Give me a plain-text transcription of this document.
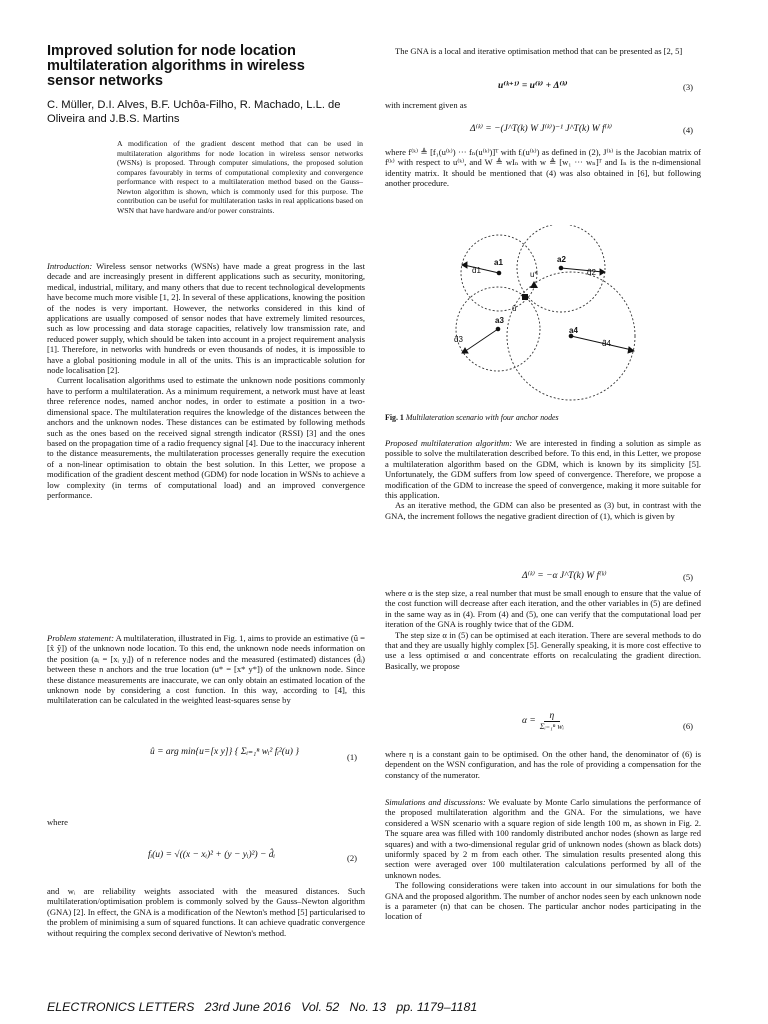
Improved solution for node location multilateration algorithms in wireless sensor networks
C. Müller, D.I. Alves, B.F. Uchôa-Filho, R. Machado, L.L. de Oliveira and J.B.S. Martins
A modification of the gradient descent method that can be used in multilateration algorithms for node location in wireless sensor networks (WSNs) is proposed. Through computer simulations, the proposed solution compares favourably in terms of computational complexity and convergence performance with respect to a multilateration method based on the Gauss–Newton algorithm is shown, which is commonly used for this purpose. The contribution can be useful for multilateration tasks in real applications based on WSN that have hardware and/or power constraints.

Introduction: Wireless sensor networks (WSNs) have made a great progress in the last decade and are increasingly present in different applications such as security, monitoring, medical, industrial, military, and many others that due to recent technological developments have become much more visible [1, 2]. In several of these applications, knowing the position of the nodes is very important. However, the networks considered in this kind of applications are usually composed of sensor nodes that have extremely limited resources, such as low processing and data storage capacities, relatively low transmission rate, and reduced power supply, which should be taken into account in a project requirement analysis [1]. Therefore, in networks with hundreds or even thousands of nodes, it is impossible to have a global positioning module in all of the units. This is an impracticable solution for node localisation [2].

Current localisation algorithms used to estimate the unknown node positions commonly have to perform a multilateration. As a minimum requirement, a network must have at least three reference nodes, named anchor nodes, in order to estimate a position in a two-dimensional space. The multilateration requires the knowledge of the distances between the anchors and the unknown nodes. These distances can be estimated by following methods such as the ones based on the received signal strength indicator (RSSI) [3] and the ones based on the propagation time of a radio frequency signal [4]. Due to the inaccuracy inherent to the distance measurements, the multilateration processes generally require the execution of a non-linear optimisation to obtain the best solution. In this Letter, we propose a modification of the gradient descent method (GDM) for node location in WSNs to achieve a low complexity (in terms of computational load) and an improved convergence performance.

Problem statement: A multilateration, illustrated in Fig. 1, aims to provide an estimative (û = [x̂ ŷ]) of the unknown node location. To this end, the unknown node needs information on the position (aᵢ = [xᵢ yᵢ]) of n reference nodes and the measured (estimated) distances (d̂ᵢ) between these n anchors and the true location (u* = [x* y*]) of the unknown node. Since these distance measurements are inaccurate, we can only obtain an estimated location of the unknown node by considering a cost function. In this way, according to [4], this multilateration can be calculated in the weighted least-squares sense by

û = arg min{u=[x y]} { Σᵢ₌₁ⁿ wᵢ² fᵢ²(u) }	(1)

where

fᵢ(u) = √((x − xᵢ)² + (y − yᵢ)²) − d̂ᵢ	(2)

and wᵢ are reliability weights associated with the measured distances. Such multilateration/optimisation problem is commonly solved by the Gauss–Newton algorithm (GNA) [2]. In effect, the GNA is a modification of the Newton's method [5] particularised to the problem of minimising a sum of squared functions. It can achieve quadratic convergence without requiring the complex second derivative of Newton's method.

The GNA is a local and iterative optimisation method that can be presented as [2, 5]

u⁽ᵏ⁺¹⁾ = u⁽ᵏ⁾ + Δ⁽ᵏ⁾	(3)

with increment given as

Δ⁽ᵏ⁾ = −(J^T(k) W J⁽ᵏ⁾)⁻¹ J^T(k) W f⁽ᵏ⁾	(4)

where f⁽ᵏ⁾ ≜ [f₁(u⁽ᵏ⁾) ··· fₙ(u⁽ᵏ⁾)]ᵀ with fᵢ(u⁽ᵏ⁾) as defined in (2), J⁽ᵏ⁾ is the Jacobian matrix of f⁽ᵏ⁾ with respect to u⁽ᵏ⁾, and W ≜ wIₙ with w ≜ [w₁ ··· wₙ]ᵀ and Iₙ is the n-dimensional identity matrix. It should be mentioned that (4) was also obtained in [6], but following another procedure.

d̂1
a1
u*
a2
d̂2
û
a3
a4
d̂3	d̂4
Fig. 1 Multilateration scenario with four anchor nodes

Proposed multilateration algorithm: We are interested in finding a solution as simple as possible to solve the multilateration described before. To this end, in this Letter, we propose a multilateration algorithm based on the GDM, which is known by its simplicity [5]. Unfortunately, the GDM suffers from low speed of convergence. Therefore, we propose a modification of the GDM to increase the speed of convergence, making it more suitable for this application.

As an iterative method, the GDM can also be presented as (3) but, in contrast with the GNA, the increment follows the negative gradient direction of (1), which is given by

Δ⁽ᵏ⁾ = −α J^T(k) W f⁽ᵏ⁾	(5)

where α is the step size, a real number that must be small enough to ensure that the value of the cost function will decrease after each iteration, and the other variables in (5) are defined in the same way as in (4). From (4) and (5), one can verify that the computational load per iteration of the GNA is roughly twice that of the GDM.

The step size α in (5) can be optimised at each iteration. There are several methods to do that and they are usually highly complex [5]. Generally speaking, it is more cost effective to use a less optimised α and concentrate efforts on recalculating the gradient direction. Basically, we propose

α =	η
Σᵢ₌₁ⁿ wᵢ	(6)

where η is a constant gain to be optimised. On the other hand, the denominator of (6) is dependent on the WSN configuration, and has the role of providing a compensation for the constancy of the numerator.

Simulations and discussions: We evaluate by Monte Carlo simulations the performance of the proposed multilateration algorithm and the GNA. For the simulations, we have considered a WSN scenario with a square region of side length 100 m, as shown in Fig. 2. The square area was filled with 100 randomly distributed anchor nodes (shown as large red squares) and with a two-dimensional regular grid of unknown nodes (shown as black dots) uniformly spaced by 2 m from each other. The simulation results presented along this section were averaged over 100 multilateration calculations performed by all of the unknown nodes.

The following considerations were taken into account in our simulations for both the GNA and the proposed algorithm. The number of anchor nodes seen by each unknown node is a parameter (n) that can be chosen. The particular anchor nodes participating in the location of

ELECTRONICS LETTERS   23rd June 2016   Vol. 52   No. 13   pp. 1179–1181
